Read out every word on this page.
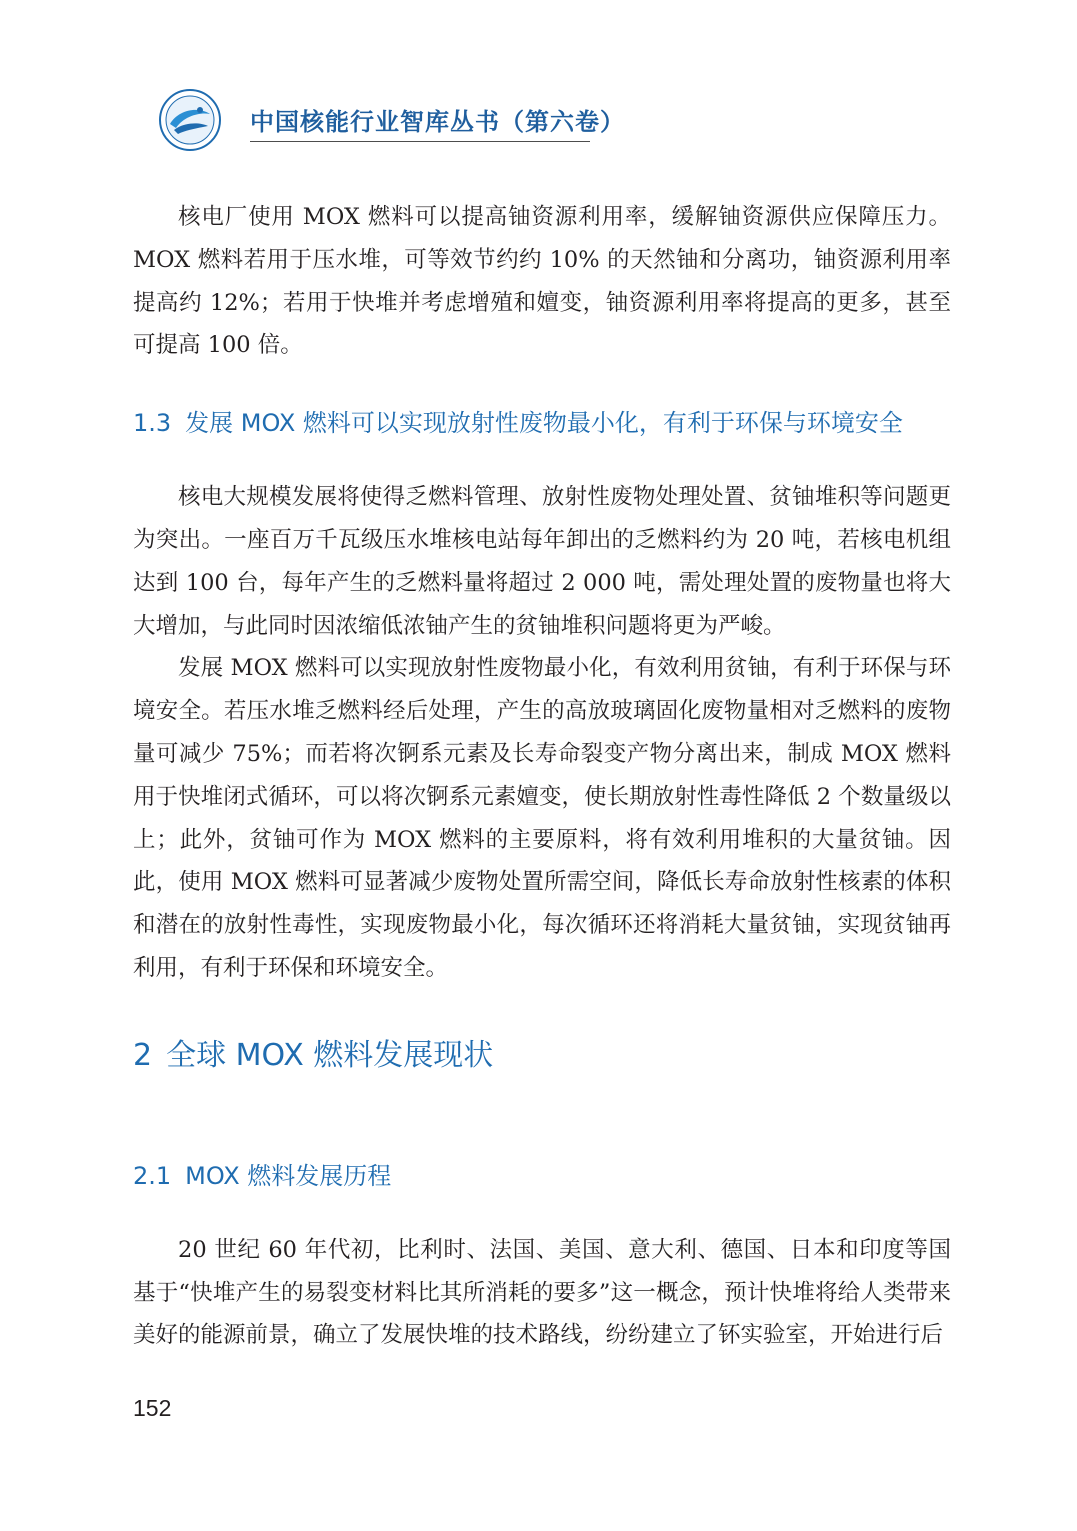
中国核能行业智库丛书（第六卷）

核电厂使用 MOX 燃料可以提高铀资源利用率，缓解铀资源供应保障压力。MOX 燃料若用于压水堆，可等效节约约 10% 的天然铀和分离功，铀资源利用率提高约 12%；若用于快堆并考虑增殖和嬗变，铀资源利用率将提高的更多，甚至可提高 100 倍。

1.3 发展 MOX 燃料可以实现放射性废物最小化，有利于环保与环境安全

核电大规模发展将使得乏燃料管理、放射性废物处理处置、贫铀堆积等问题更为突出。一座百万千瓦级压水堆核电站每年卸出的乏燃料约为 20 吨，若核电机组达到 100 台，每年产生的乏燃料量将超过 2 000 吨，需处理处置的废物量也将大大增加，与此同时因浓缩低浓铀产生的贫铀堆积问题将更为严峻。

发展 MOX 燃料可以实现放射性废物最小化，有效利用贫铀，有利于环保与环境安全。若压水堆乏燃料经后处理，产生的高放玻璃固化废物量相对乏燃料的废物量可减少 75%；而若将次锕系元素及长寿命裂变产物分离出来，制成 MOX 燃料用于快堆闭式循环，可以将次锕系元素嬗变，使长期放射性毒性降低 2 个数量级以上；此外，贫铀可作为 MOX 燃料的主要原料，将有效利用堆积的大量贫铀。因此，使用 MOX 燃料可显著减少废物处置所需空间，降低长寿命放射性核素的体积和潜在的放射性毒性，实现废物最小化，每次循环还将消耗大量贫铀，实现贫铀再利用，有利于环保和环境安全。

2 全球 MOX 燃料发展现状
2.1 MOX 燃料发展历程

20 世纪 60 年代初，比利时、法国、美国、意大利、德国、日本和印度等国基于“快堆产生的易裂变材料比其所消耗的要多”这一概念，预计快堆将给人类带来美好的能源前景，确立了发展快堆的技术路线，纷纷建立了钚实验室，开始进行后

152
